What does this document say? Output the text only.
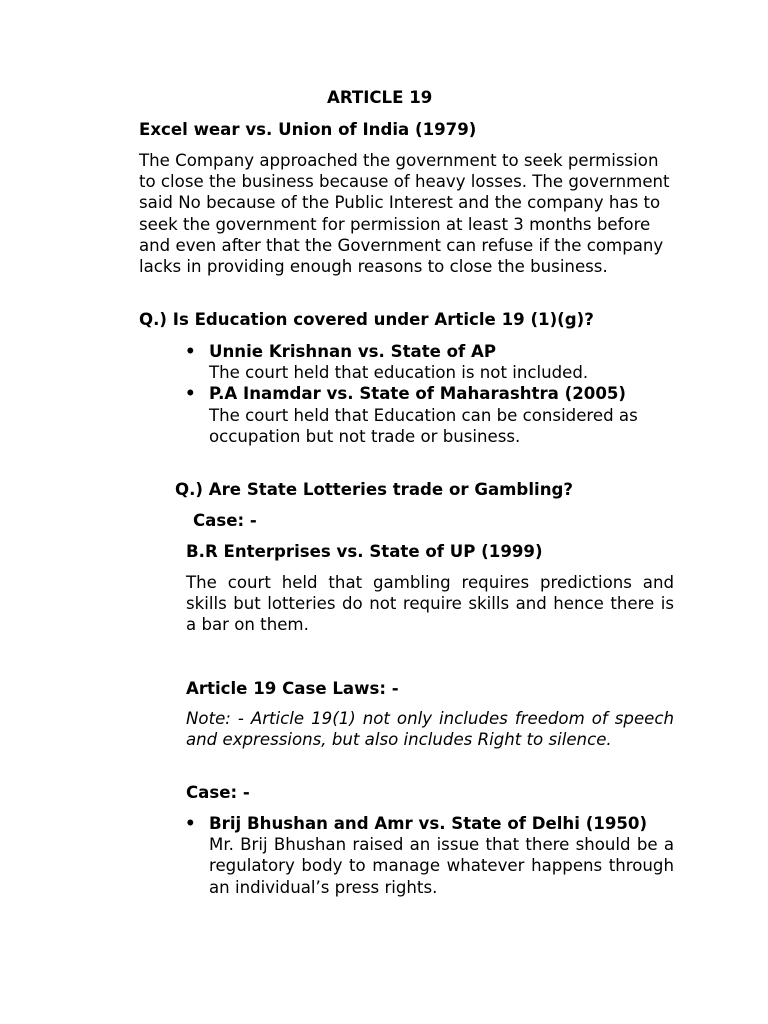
ARTICLE 19

Excel wear vs. Union of India (1979)

The Company approached the government to seek permission to close the business because of heavy losses. The government said No because of the Public Interest and the company has to seek the government for permission at least 3 months before and even after that the Government can refuse if the company lacks in providing enough reasons to close the business.

Q.) Is Education covered under Article 19 (1)(g)?

• Unnie Krishnan vs. State of AP
The court held that education is not included.
• P.A Inamdar vs. State of Maharashtra (2005)
The court held that Education can be considered as occupation but not trade or business.

Q.) Are State Lotteries trade or Gambling?

Case: -

B.R Enterprises vs. State of UP (1999)

The court held that gambling requires predictions and skills but lotteries do not require skills and hence there is a bar on them.

Article 19 Case Laws: -

Note: - Article 19(1) not only includes freedom of speech and expressions, but also includes Right to silence.

Case: -

• Brij Bhushan and Amr vs. State of Delhi (1950)
Mr. Brij Bhushan raised an issue that there should be a regulatory body to manage whatever happens through an individual’s press rights.
